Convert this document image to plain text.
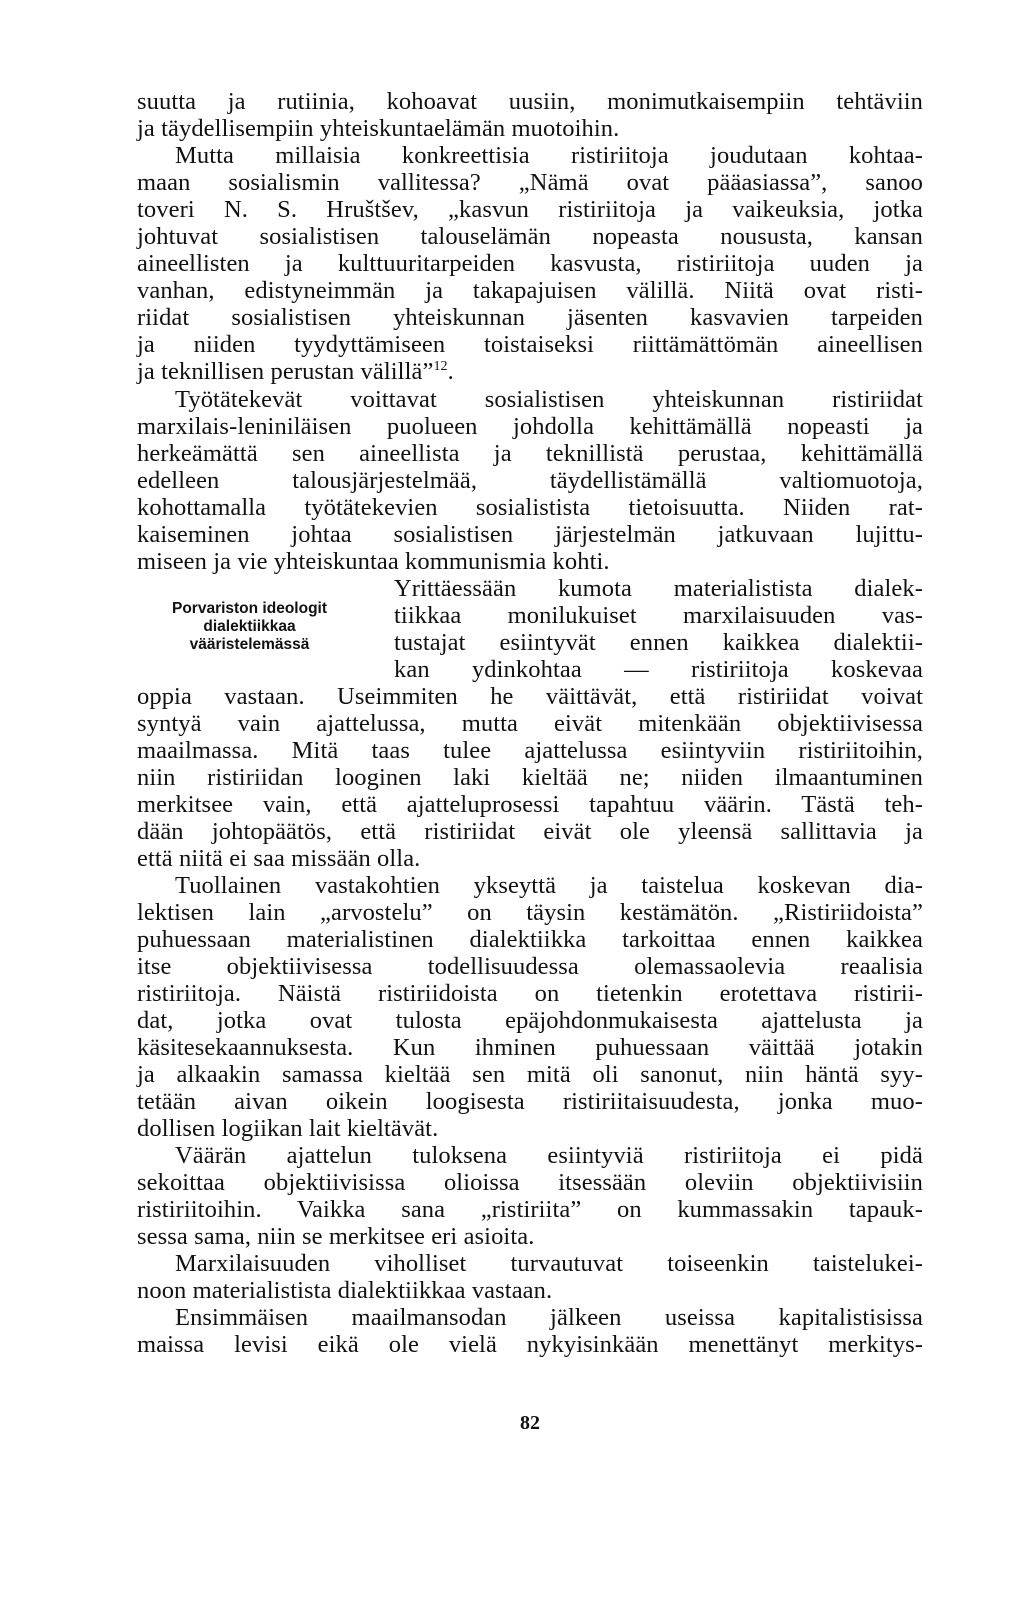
suutta ja rutiinia, kohoavat uusiin, monimutkaisempiin tehtäviin
ja täydellisempiin yhteiskuntaelämän muotoihin.
Mutta millaisia konkreettisia ristiriitoja joudutaan kohtaa-
maan sosialismin vallitessa? „Nämä ovat pääasiassa”, sanoo
toveri N. S. Hruštšev, „kasvun ristiriitoja ja vaikeuksia, jotka
johtuvat sosialistisen talouselämän nopeasta noususta, kansan
aineellisten ja kulttuuritarpeiden kasvusta, ristiriitoja uuden ja
vanhan, edistyneimmän ja takapajuisen välillä. Niitä ovat risti-
riidat sosialistisen yhteiskunnan jäsenten kasvavien tarpeiden
ja niiden tyydyttämiseen toistaiseksi riittämättömän aineellisen
ja teknillisen perustan välillä”$^{12}$.
Työtätekevät voittavat sosialistisen yhteiskunnan ristiriidat
marxilais-leniniläisen puolueen johdolla kehittämällä nopeasti ja
herkeämättä sen aineellista ja teknillistä perustaa, kehittämällä
edelleen talousjärjestelmää, täydellistämällä valtiomuotoja,
kohottamalla työtätekevien sosialistista tietoisuutta. Niiden rat-
kaiseminen johtaa sosialistisen järjestelmän jatkuvaan lujittu-
miseen ja vie yhteiskuntaa kommunismia kohti.
Porvariston ideologit
dialektiikkaa
vääristelemässä
Yrittäessään kumota materialistista dialek-
tiikkaa monilukuiset marxilaisuuden vas-
tustajat esiintyvät ennen kaikkea dialektii-
kan ydinkohtaa — ristiriitoja koskevaa
oppia vastaan. Useimmiten he väittävät, että ristiriidat voivat
syntyä vain ajattelussa, mutta eivät mitenkään objektiivisessa
maailmassa. Mitä taas tulee ajattelussa esiintyviin ristiriitoihin,
niin ristiriidan looginen laki kieltää ne; niiden ilmaantuminen
merkitsee vain, että ajatteluprosessi tapahtuu väärin. Tästä teh-
dään johtopäätös, että ristiriidat eivät ole yleensä sallittavia ja
että niitä ei saa missään olla.
Tuollainen vastakohtien ykseyttä ja taistelua koskevan dia-
lektisen lain „arvostelu” on täysin kestämätön. „Ristiriidoista”
puhuessaan materialistinen dialektiikka tarkoittaa ennen kaikkea
itse objektiivisessa todellisuudessa olemassaolevia reaalisia
ristiriitoja. Näistä ristiriidoista on tietenkin erotettava ristirii-
dat, jotka ovat tulosta epäjohdonmukaisesta ajattelusta ja
käsitesekaannuksesta. Kun ihminen puhuessaan väittää jotakin
ja alkaakin samassa kieltää sen mitä oli sanonut, niin häntä syy-
tetään aivan oikein loogisesta ristiriitaisuudesta, jonka muo-
dollisen logiikan lait kieltävät.
Väärän ajattelun tuloksena esiintyviä ristiriitoja ei pidä
sekoittaa objektiivisissa olioissa itsessään oleviin objektiivisiin
ristiriitoihin. Vaikka sana „ristiriita” on kummassakin tapauk-
sessa sama, niin se merkitsee eri asioita.
Marxilaisuuden viholliset turvautuvat toiseenkin taistelukei-
noon materialistista dialektiikkaa vastaan.
Ensimmäisen maailmansodan jälkeen useissa kapitalistisissa
maissa levisi eikä ole vielä nykyisinkään menettänyt merkitys-
82
